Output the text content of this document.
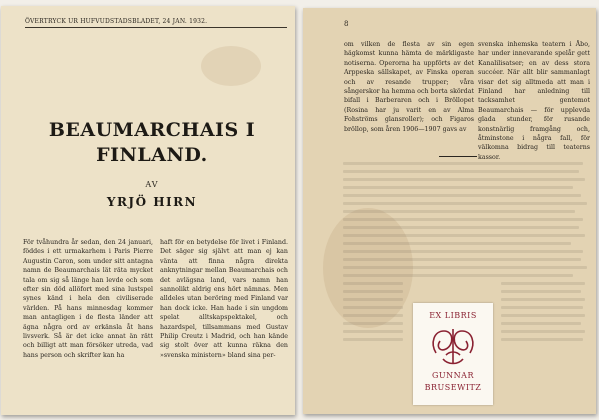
ÖVERTRYCK UR HUFVUDSTADSBLADET, 24 JAN. 1932.
BEAUMARCHAIS I
FINLAND.
AV
YRJÖ HIRN

För tvåhundra år sedan, den 24 januari, föddes i ett urmakarhem i Paris Pierre Augustin Caron, som under sitt antagna namn de Beaumarchais lät räta mycket tala om sig så länge han levde och som efter sin död allöfort med sina lustspel synes känd i hela den civiliserade världen. På hans minnesdag kommer man antagligen i de flesta länder att ägna några ord av erkänsla åt hans livsverk. Så är det icke annat än rätt och billigt att man försöker utreda, vad hans person och skrifter kan ha

haft för en betydelse för livet i Finland. Det säger sig självt att man ej kan vänta att finna några direkta anknytningar mellan Beaumarchais och det avlägsna land, vars namn han sannolikt aldrig ens hört nämnas. Men alldeles utan beröring med Finland var han dock icke. Han hade i sin ungdom spelat alltskapspektakel, och hazardspel, tillsammans med Gustav Philip Creutz i Madrid, och han kände sig stolt över att kunna räkna den »svenska ministern» bland sina per-

8

om vilken de flesta av sin egen hägkomst kunna hämta de märkligaste notiserna. Operorna ha uppförts av det Arppeska sällskapet, av Finska operan och av resande trupper; våra sångerskor ha hemma och borta skördat bifall i Barberaren och i Bröllopet (Rosina har ju varit en av Alma Fohströms glansroller); och Figaros bröllop, som åren 1906—1907 gavs av

svenska inhemska teatern i Åbo, har under innevarande spelår gett Kanalilisatser; en av dess stora succéer. När allt blir sammanlagt visar det sig alltmeda att man i Finland har anledning till tacksamhet gentemot Beaumarchais — för upplevda glada stunder, för rusande konstnärlig framgång och, åtminstone i några fall, för välkomna bidrag till teaterns kassor.

EX LIBRIS
GUNNAR
BRUSEWITZ
